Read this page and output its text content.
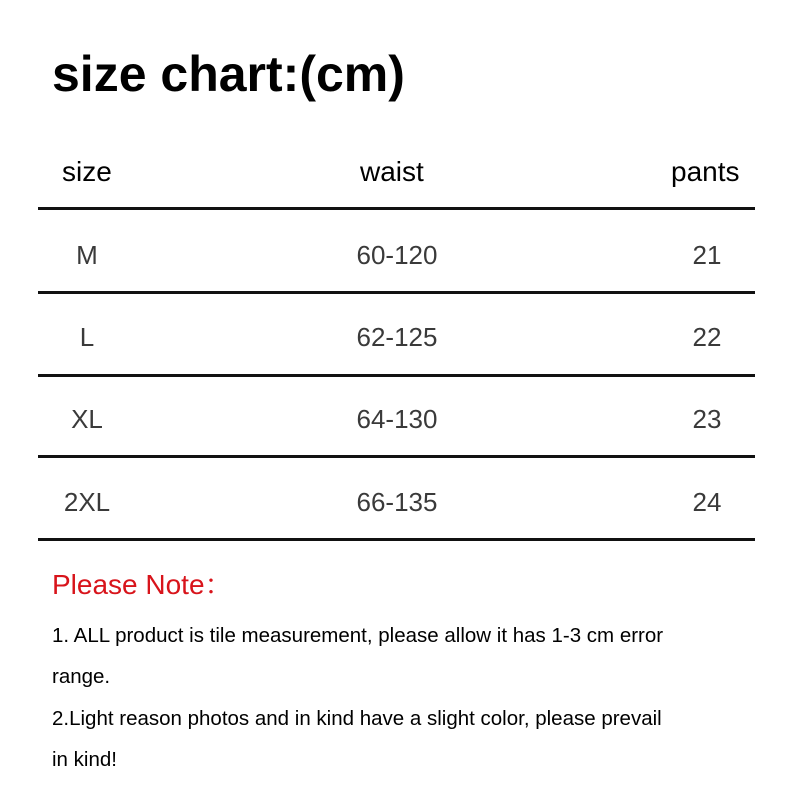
size chart:(cm)
size	waist	pants
M	60-120	21
L	62-125	22
XL	64-130	23
2XL	66-135	24
Please Note：
1. ALL product is tile measurement, please allow it has 1-3 cm error
range.
2.Light reason photos and in kind have a slight color, please prevail
in kind!
